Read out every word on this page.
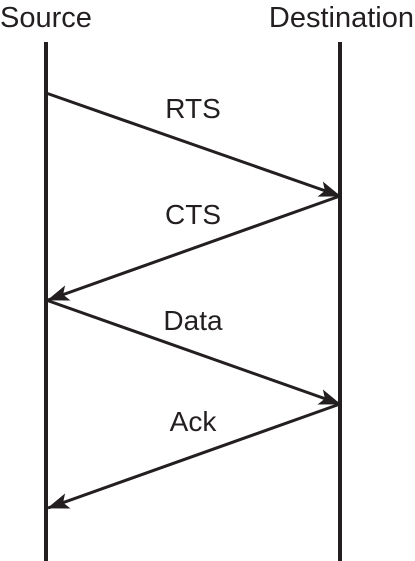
Source	Destination
RTS
CTS
Data
Ack
